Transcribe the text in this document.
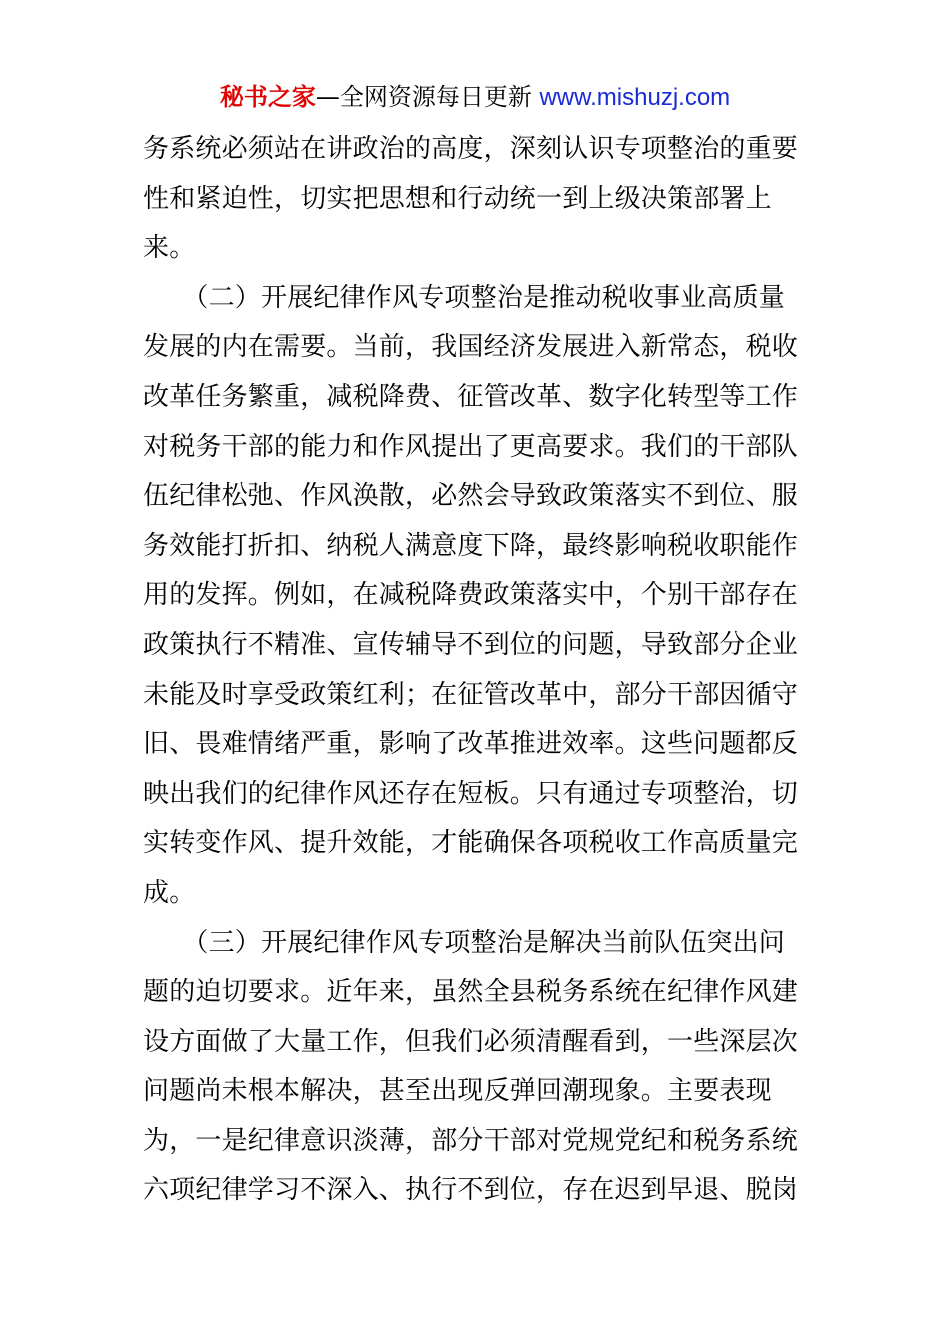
秘书之家—全网资源每日更新 www.mishuzj.com
务系统必须站在讲政治的高度，深刻认识专项整治的重要
性和紧迫性，切实把思想和行动统一到上级决策部署上
来。
　　（二）开展纪律作风专项整治是推动税收事业高质量
发展的内在需要。当前，我国经济发展进入新常态，税收
改革任务繁重，减税降费、征管改革、数字化转型等工作
对税务干部的能力和作风提出了更高要求。我们的干部队
伍纪律松弛、作风涣散，必然会导致政策落实不到位、服
务效能打折扣、纳税人满意度下降，最终影响税收职能作
用的发挥。例如，在减税降费政策落实中，个别干部存在
政策执行不精准、宣传辅导不到位的问题，导致部分企业
未能及时享受政策红利；在征管改革中，部分干部因循守
旧、畏难情绪严重，影响了改革推进效率。这些问题都反
映出我们的纪律作风还存在短板。只有通过专项整治，切
实转变作风、提升效能，才能确保各项税收工作高质量完
成。
　　（三）开展纪律作风专项整治是解决当前队伍突出问
题的迫切要求。近年来，虽然全县税务系统在纪律作风建
设方面做了大量工作，但我们必须清醒看到，一些深层次
问题尚未根本解决，甚至出现反弹回潮现象。主要表现
为，一是纪律意识淡薄，部分干部对党规党纪和税务系统
六项纪律学习不深入、执行不到位，存在迟到早退、脱岗
